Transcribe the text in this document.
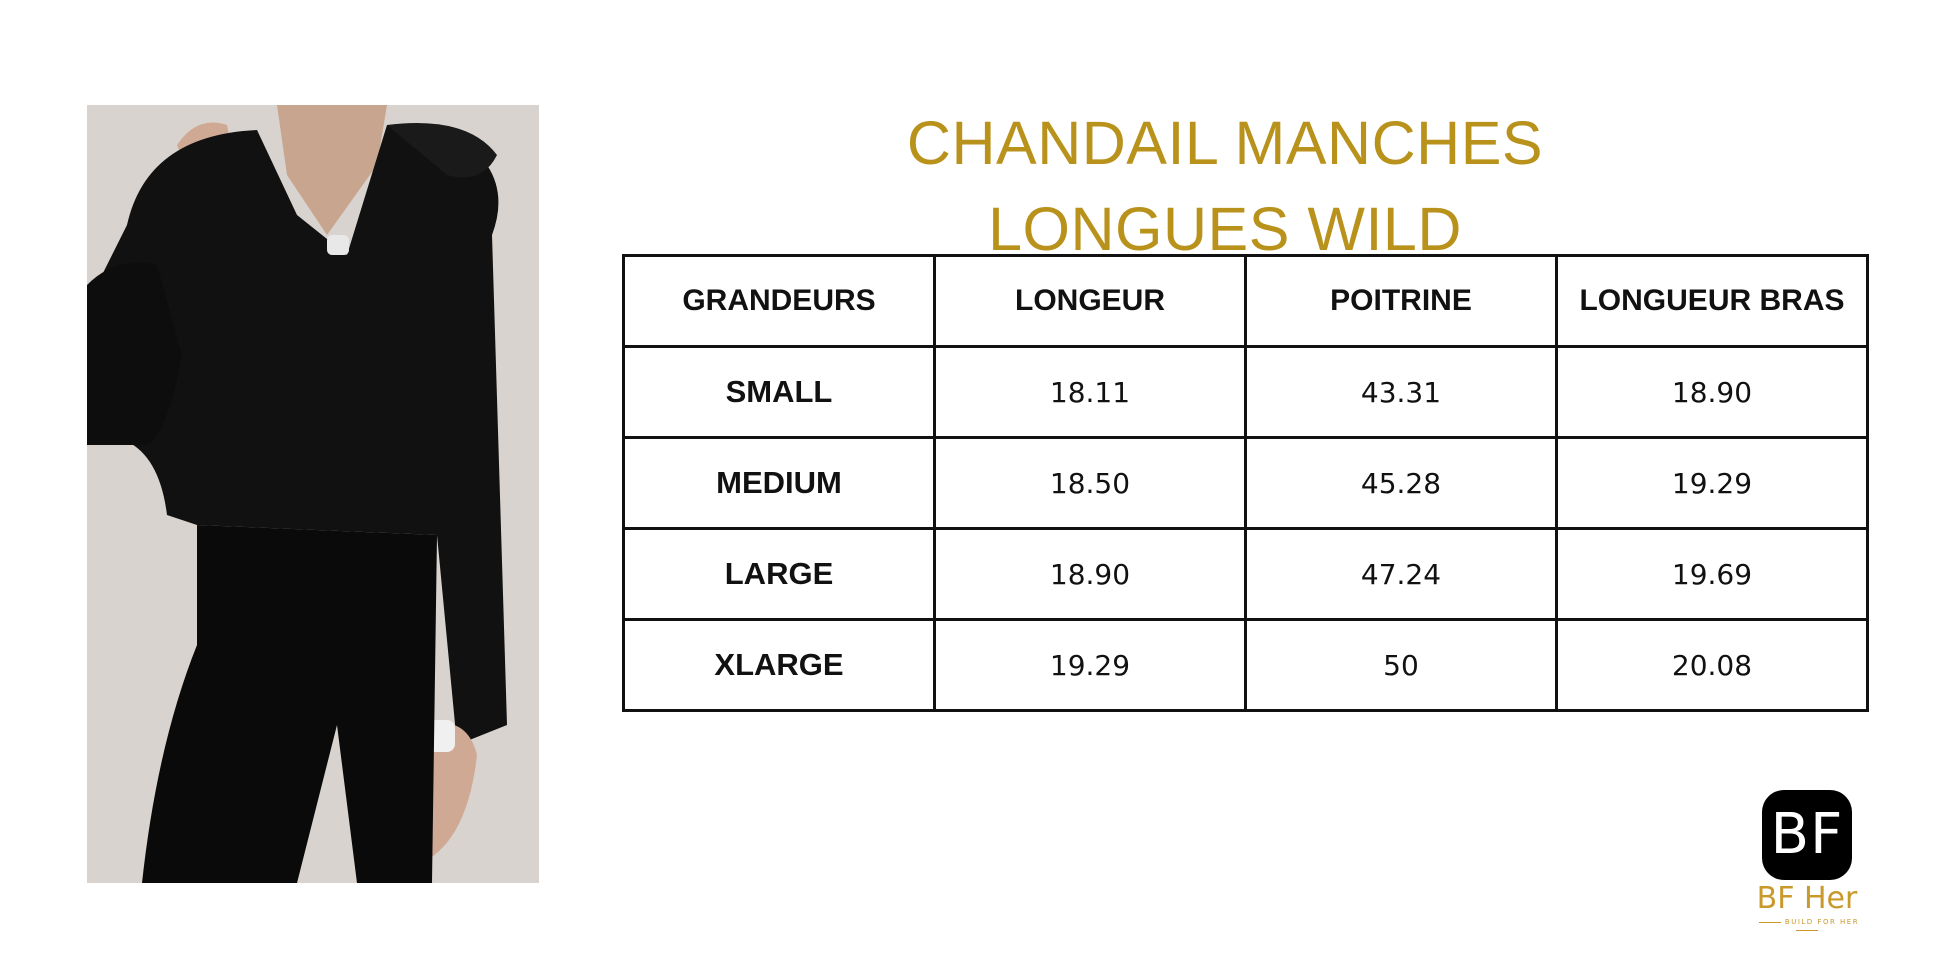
CHANDAIL MANCHES
LONGUES WILD
GRANDEURS	LONGEUR	POITRINE	LONGUEUR BRAS
SMALL	18.11	43.31	18.90
MEDIUM	18.50	45.28	19.29
LARGE	18.90	47.24	19.69
XLARGE	19.29	50	20.08
BF
BF Her
BUILD FOR HER
